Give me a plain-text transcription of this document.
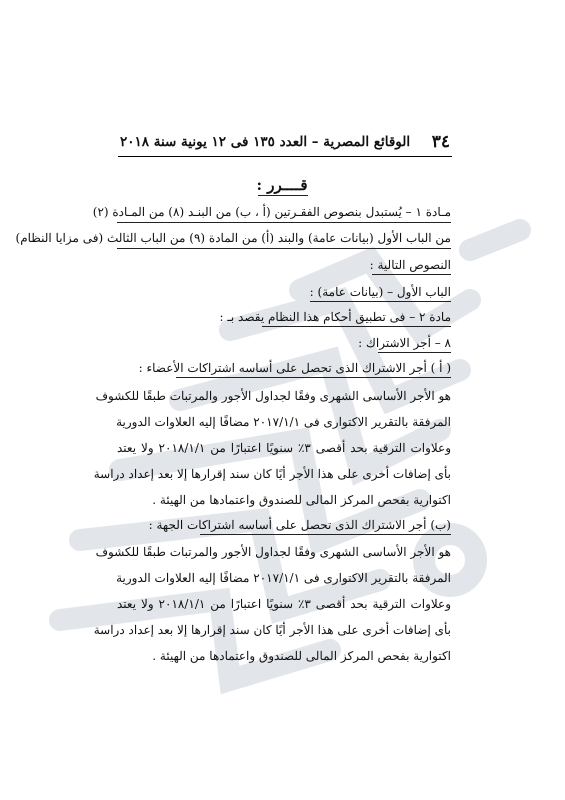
٣٤
الوقائع المصرية – العدد ١٣٥ فى ١٢ يونية سنة ٢٠١٨
قــــرر :
مـادة ١ – يُستبدل بنصوص الفقـرتين (أ ، ب) من البنـد (٨) من المـادة (٢)
من الباب الأول (بيانات عامة) والبند (أ) من المادة (٩) من الباب الثالث (فى مزايا النظام)
النصوص التالية :
الباب الأول – (بيانات عامة) :
مادة ٢ – فى تطبيق أحكام هذا النظام يقصد بـ :
٨ – أجر الاشتراك :
( أ ) أجر الاشتراك الذى تحصل على أساسه اشتراكات الأعضاء :
هو الأجر الأساسى الشهرى وفقًا لجداول الأجور والمرتبات طبقًا للكشوف
المرفقة بالتقرير الاكتوارى فى ٢٠١٧/١/١ مضافًا إليه العلاوات الدورية
وعلاوات الترقية بحد أقصى ٣٪ سنويًا اعتبارًا من ٢٠١٨/١/١ ولا يعتد
بأى إضافات أخرى على هذا الأجر أيًا كان سند إقرارها إلا بعد إعداد دراسة
اكتوارية بفحص المركز المالى للصندوق واعتمادها من الهيئة .
(ب) أجر الاشتراك الذى تحصل على أساسه اشتراكات الجهة :
هو الأجر الأساسى الشهرى وفقًا لجداول الأجور والمرتبات طبقًا للكشوف
المرفقة بالتقرير الاكتوارى فى ٢٠١٧/١/١ مضافًا إليه العلاوات الدورية
وعلاوات الترقية بحد أقصى ٣٪ سنويًا اعتبارًا من ٢٠١٨/١/١ ولا يعتد
بأى إضافات أخرى على هذا الأجر أيًا كان سند إقرارها إلا بعد إعداد دراسة
اكتوارية بفحص المركز المالى للصندوق واعتمادها من الهيئة .
